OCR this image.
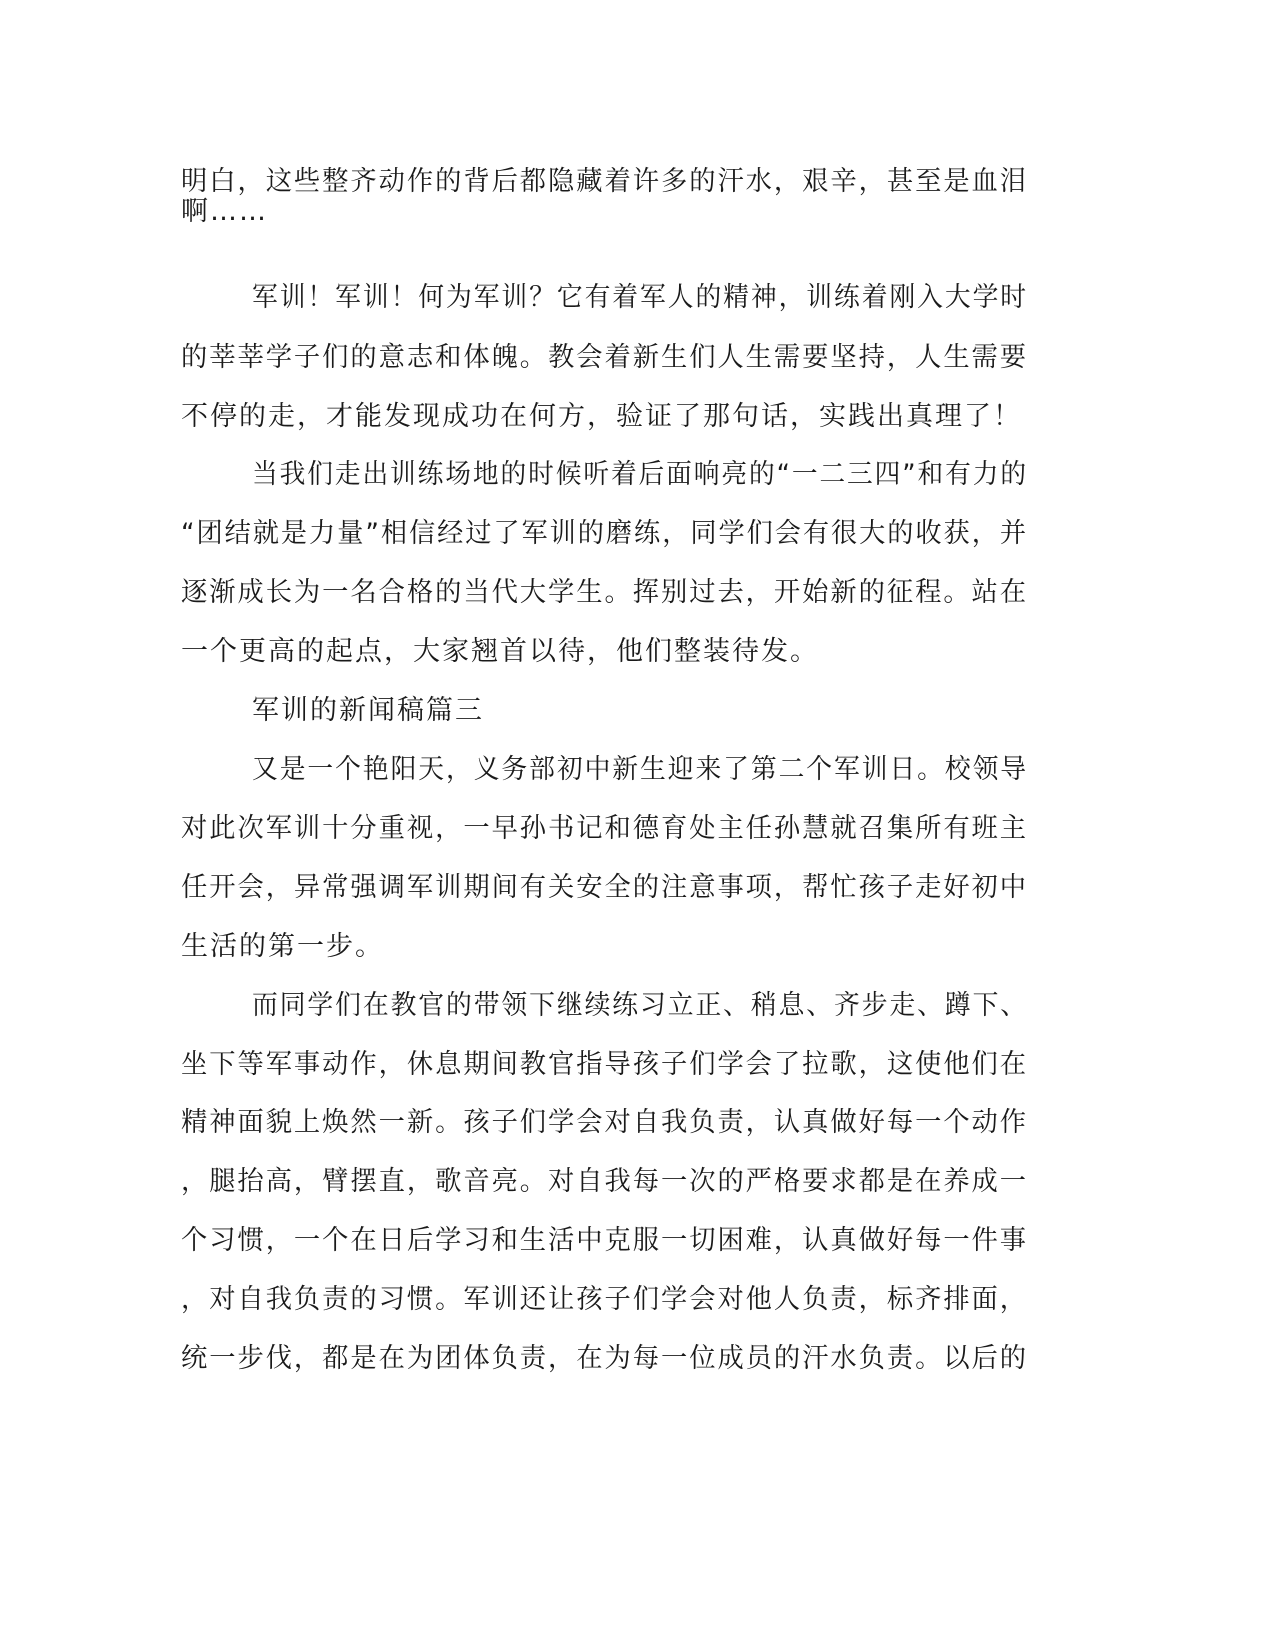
明白，这些整齐动作的背后都隐藏着许多的汗水，艰辛，甚至是血泪
啊……
军训！军训！何为军训？它有着军人的精神，训练着刚入大学时
的莘莘学子们的意志和体魄。教会着新生们人生需要坚持，人生需要
不停的走，才能发现成功在何方，验证了那句话，实践出真理了！
当我们走出训练场地的时候听着后面响亮的“一二三四”和有力的
“团结就是力量”相信经过了军训的磨练，同学们会有很大的收获，并
逐渐成长为一名合格的当代大学生。挥别过去，开始新的征程。站在
一个更高的起点，大家翘首以待，他们整装待发。
军训的新闻稿篇三
又是一个艳阳天，义务部初中新生迎来了第二个军训日。校领导
对此次军训十分重视，一早孙书记和德育处主任孙慧就召集所有班主
任开会，异常强调军训期间有关安全的注意事项，帮忙孩子走好初中
生活的第一步。
而同学们在教官的带领下继续练习立正、稍息、齐步走、蹲下、
坐下等军事动作，休息期间教官指导孩子们学会了拉歌，这使他们在
精神面貌上焕然一新。孩子们学会对自我负责，认真做好每一个动作
，腿抬高，臂摆直，歌音亮。对自我每一次的严格要求都是在养成一
个习惯，一个在日后学习和生活中克服一切困难，认真做好每一件事
，对自我负责的习惯。军训还让孩子们学会对他人负责，标齐排面，
统一步伐，都是在为团体负责，在为每一位成员的汗水负责。以后的
